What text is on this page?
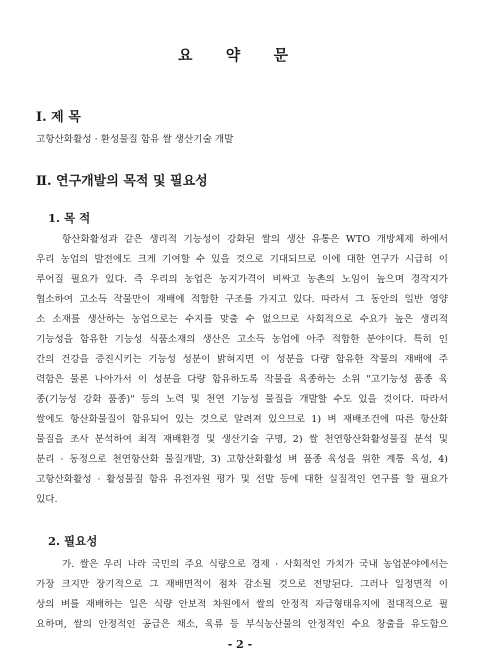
요 약 문
Ⅰ. 제 목
고항산화활성 · 환성물질 함유 쌀 생산기술 개발
Ⅱ. 연구개발의 목적 및 필요성
1. 목 적
항산화활성과 같은 생리적 기능성이 강화된 쌀의 생산 유통은 WTO 개방체제 하에서
우리 농업의 발전에도 크게 기여할 수 있을 것으로 기대되므로 이에 대한 연구가 시급히 이
루어질 필요가 있다. 즉 우리의 농업은 농지가격이 비싸고 농촌의 노임이 높으며 경작지가
협소하여 고소득 작물만이 재배에 적합한 구조를 가지고 있다. 따라서 그 동안의 일반 영양
소 소재를 생산하는 농업으로는 수지를 맞출 수 없으므로 사회적으로 수요가 높은 생리적
기능성을 함유한 기능성 식품소재의 생산은 고소득 농업에 아주 적합한 분야이다. 특히 인
간의 건강을 증진시키는 기능성 성분이 밝혀지면 이 성분을 다량 함유한 작물의 재배에 주
력함은 물론 나아가서 이 성분을 다량 함유하도록 작물을 육종하는 소위 "고기능성 품종 육
종(기능성 강화 품종)" 등의 노력 및 천연 기능성 물질을 개발할 수도 있을 것이다. 따라서
쌀에도 항산화물질이 함유되어 있는 것으로 알려져 있으므로 1) 벼 재배조건에 따른 항산화
물질을 조사 분석하여 최적 재배환경 및 생산기술 구명, 2) 쌀 천연항산화활성물질 분석 및
분리 · 동정으로 천연항산화 물질개발, 3) 고항산화활성 벼 품종 육성을 위한 계통 육성, 4)
고항산화활성 · 활성물질 함유 유전자원 평가 및 선발 등에 대한 실질적인 연구를 할 필요가
있다.
2. 필요성
가. 쌀은 우리 나라 국민의 주요 식량으로 경제 · 사회적인 가치가 국내 농업분야에서는
가장 크지만 장기적으로 그 재배면적이 점차 감소될 것으로 전망된다. 그러나 일정면적 이
상의 벼를 재배하는 일은 식량 안보적 차원에서 쌀의 안정적 자급형태유지에 절대적으로 필
요하며, 쌀의 안정적인 공급은 채소, 육류 등 부식농산물의 안정적인 수요 창출을 유도함으
- 2 -
